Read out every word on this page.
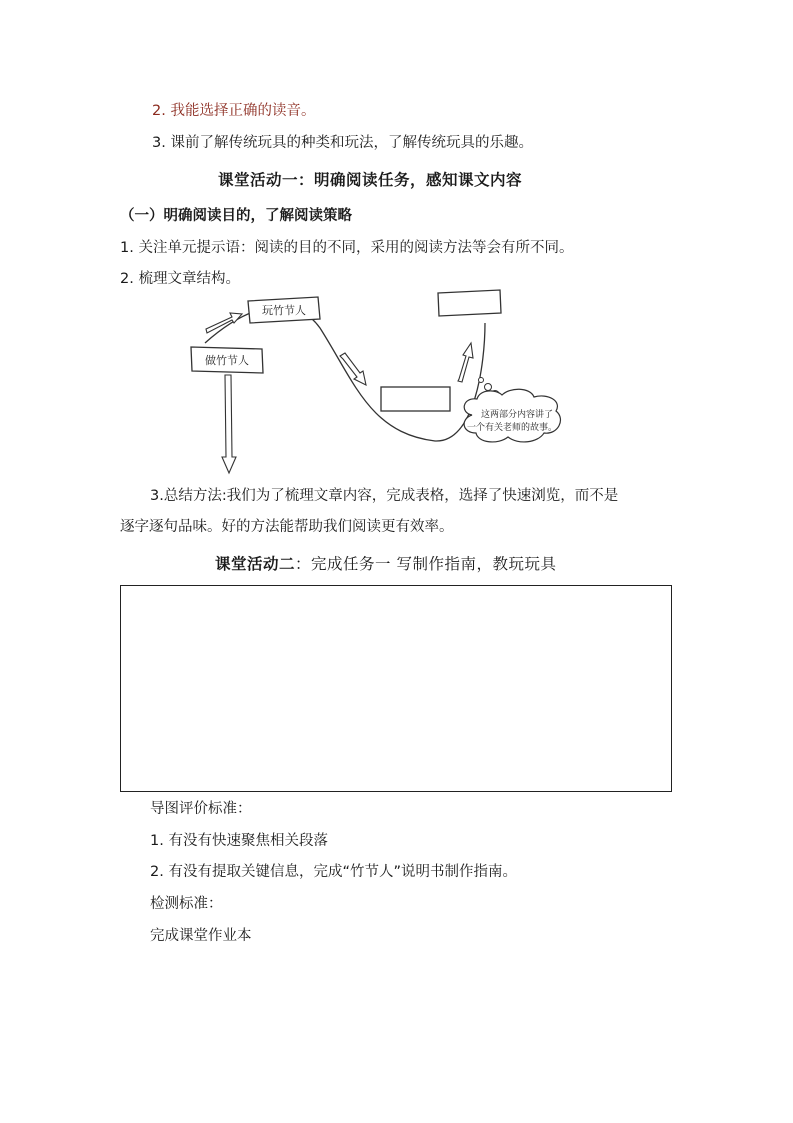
2. 我能选择正确的读音。
3. 课前了解传统玩具的种类和玩法，了解传统玩具的乐趣。
课堂活动一：明确阅读任务，感知课文内容
（一）明确阅读目的，了解阅读策略
1. 关注单元提示语：阅读的目的不同，采用的阅读方法等会有所不同。
2. 梳理文章结构。
玩竹节人
做竹节人
这两部分内容讲了
一个有关老师的故事。
3.总结方法:我们为了梳理文章内容，完成表格，选择了快速浏览，而不是
逐字逐句品味。好的方法能帮助我们阅读更有效率。
课堂活动二：完成任务一 写制作指南，教玩玩具
导图评价标准：
1. 有没有快速聚焦相关段落
2. 有没有提取关键信息，完成“竹节人”说明书制作指南。
检测标准：
完成课堂作业本
